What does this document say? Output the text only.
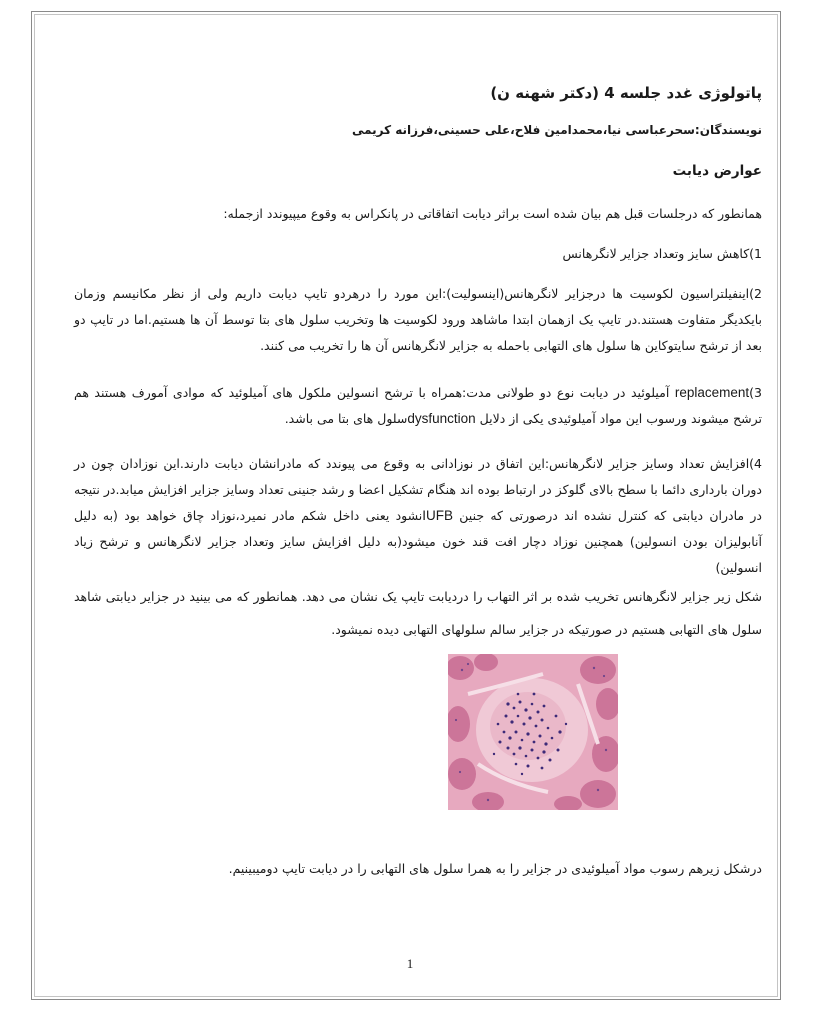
پاتولوژی غدد جلسه 4 (دکتر شهنه ن)
نویسندگان:سحرعباسی نیا،محمدامین فلاح،علی حسینی،فرزانه کریمی
عوارض دیابت
همانطور که درجلسات قبل هم بیان شده است براثر دیابت اتفاقاتی در پانکراس به وقوع میپیوندد ازجمله:
1)کاهش سایز وتعداد جزایر لانگرهانس
2)اینفیلتراسیون لکوسیت ها درجزایر لانگرهانس(اینسولیت):این مورد را درهردو تایپ دیابت داریم ولی از نظر مکانیسم وزمان بایکدیگر متفاوت هستند.در تایپ یک ازهمان ابتدا ماشاهد ورود لکوسیت ها وتخریب سلول های بتا توسط آن ها هستیم.اما در تایپ دو بعد از ترشح سایتوکاین ها سلول های التهابی باحمله به جزایر لانگرهانس آن ها را تخریب می کنند.
3)replacement آمیلوئید در دیابت نوع دو طولانی مدت:همراه با ترشح انسولین ملکول های آمیلوئید که موادی آمورف هستند هم ترشح میشوند ورسوب این مواد آمیلوئیدی یکی از دلایل dysfunctionسلول های بتا می باشد.
4)افزایش تعداد وسایز جزایر لانگرهانس:این اتفاق در نوزادانی به وقوع می پیوندد که مادرانشان دیابت دارند.این نوزادان چون در دوران بارداری دائما با سطح بالای گلوکز در ارتباط بوده اند هنگام تشکیل اعضا و رشد جنینی تعداد وسایز جزایر افزایش میابد.در نتیجه در مادران دیابتی که کنترل نشده اند درصورتی که جنین IUFBنشود یعنی داخل شکم مادر نمیرد،نوزاد چاق خواهد بود (به دلیل آنابولیزان بودن انسولین) همچنین نوزاد دچار افت قند خون میشود(به دلیل افزایش سایز وتعداد جزایر لانگرهانس و ترشح زیاد انسولین)
شکل زیر جزایر لانگرهانس تخریب شده بر اثر التهاب را دردیابت تایپ یک نشان می دهد. همانطور که می بینید در جزایر دیابتی شاهد سلول های التهابی هستیم در صورتیکه در جزایر سالم سلولهای التهابی دیده نمیشود.
درشکل زیرهم رسوب مواد آمیلوئیدی در جزایر را به همرا سلول های التهابی را در دیابت تایپ دومیبینیم.
1
